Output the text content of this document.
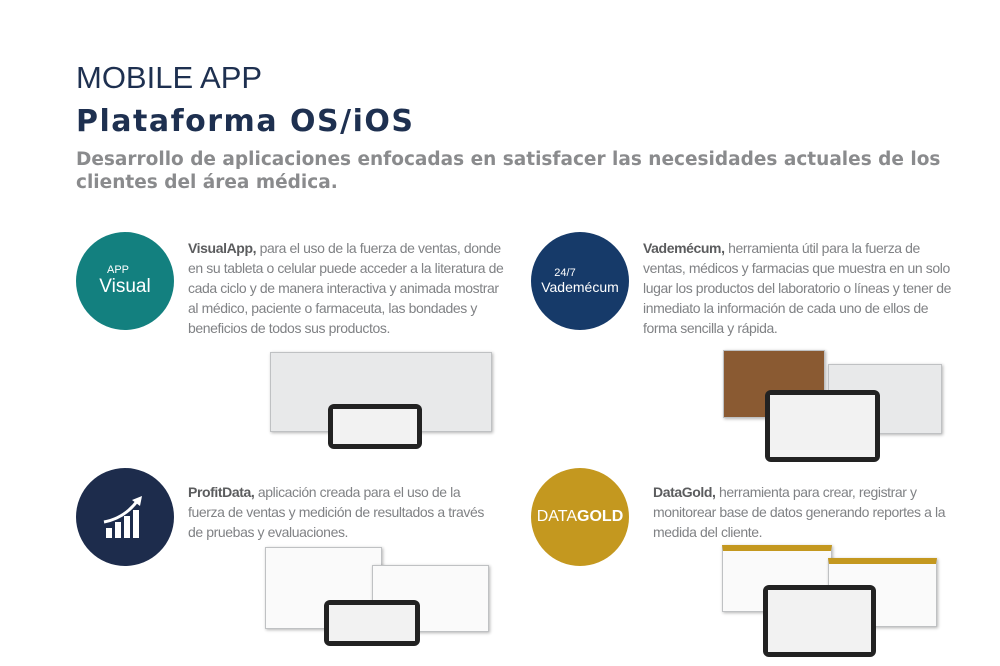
MOBILE APP
Plataforma OS/iOS
Desarrollo de aplicaciones enfocadas en satisfacer las necesidades actuales de los clientes del área médica.
APP
Visual
VisualApp, para el uso de la fuerza de ventas, donde en su tableta o celular puede acceder a la literatura de cada ciclo y de manera interactiva y animada mostrar al médico, paciente o farmaceuta, las bondades y beneficios de todos sus productos.
24/7
Vademécum
Vademécum, herramienta útil para la fuerza de ventas, médicos y farmacias que muestra en un solo lugar los productos del laboratorio o líneas y tener de inmediato la información de cada uno de ellos de forma sencilla y rápida.
ProfitData, aplicación creada para el uso de la fuerza de ventas y medición de resultados a través de pruebas y evaluaciones.
DATAGOLD
DataGold, herramienta para crear, registrar y monitorear base de datos generando reportes a la medida del cliente.
